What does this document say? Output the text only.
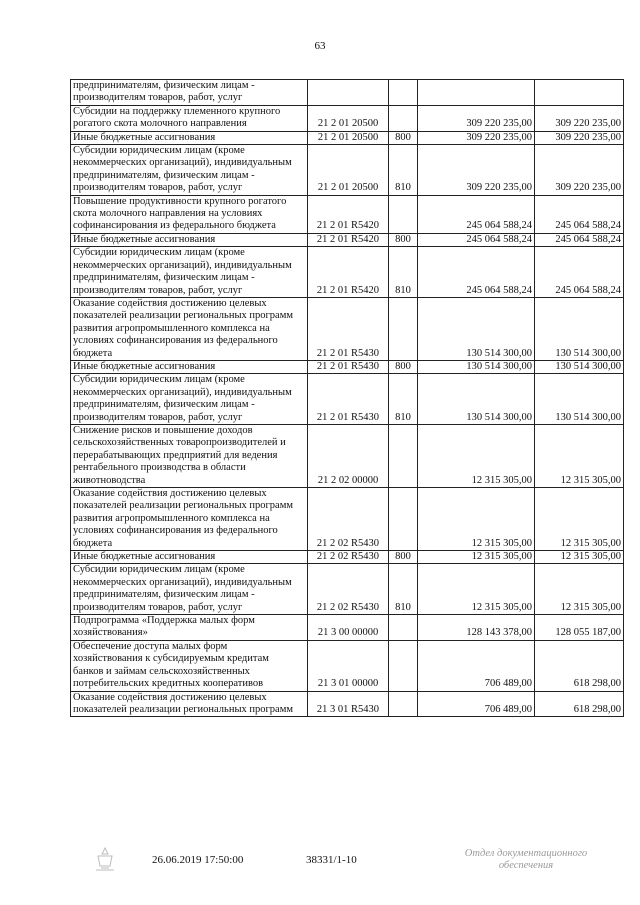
63
предпринимателям, физическим лицам -
производителям товаров, работ, услуг				

Субсидии на поддержку племенного крупного
рогатого скота молочного направления	21 2 01 20500		309 220 235,00	309 220 235,00

Иные бюджетные ассигнования	21 2 01 20500	800	309 220 235,00	309 220 235,00

Субсидии юридическим лицам (кроме
некоммерческих организаций), индивидуальным
предпринимателям, физическим лицам -
производителям товаров, работ, услуг	21 2 01 20500	810	309 220 235,00	309 220 235,00

Повышение продуктивности крупного рогатого
скота молочного направления на условиях
софинансирования из федерального бюджета	21 2 01 R5420		245 064 588,24	245 064 588,24

Иные бюджетные ассигнования	21 2 01 R5420	800	245 064 588,24	245 064 588,24

Субсидии юридическим лицам (кроме
некоммерческих организаций), индивидуальным
предпринимателям, физическим лицам -
производителям товаров, работ, услуг	21 2 01 R5420	810	245 064 588,24	245 064 588,24

Оказание содействия достижению целевых
показателей реализации региональных программ
развития агропромышленного комплекса на
условиях софинансирования из федерального
бюджета	21 2 01 R5430		130 514 300,00	130 514 300,00

Иные бюджетные ассигнования	21 2 01 R5430	800	130 514 300,00	130 514 300,00

Субсидии юридическим лицам (кроме
некоммерческих организаций), индивидуальным
предпринимателям, физическим лицам -
производителям товаров, работ, услуг	21 2 01 R5430	810	130 514 300,00	130 514 300,00

Снижение рисков и повышение доходов
сельскохозяйственных товаропроизводителей и
перерабатывающих предприятий для ведения
рентабельного производства в области
животноводства	21 2 02 00000		12 315 305,00	12 315 305,00

Оказание содействия достижению целевых
показателей реализации региональных программ
развития агропромышленного комплекса на
условиях софинансирования из федерального
бюджета	21 2 02 R5430		12 315 305,00	12 315 305,00

Иные бюджетные ассигнования	21 2 02 R5430	800	12 315 305,00	12 315 305,00

Субсидии юридическим лицам (кроме
некоммерческих организаций), индивидуальным
предпринимателям, физическим лицам -
производителям товаров, работ, услуг	21 2 02 R5430	810	12 315 305,00	12 315 305,00

Подпрограмма «Поддержка малых форм
хозяйствования»	21 3 00 00000		128 143 378,00	128 055 187,00

Обеспечение доступа малых форм
хозяйствования к субсидируемым кредитам
банков и займам сельскохозяйственных
потребительских кредитных кооперативов	21 3 01 00000		706 489,00	618 298,00

Оказание содействия достижению целевых
показателей реализации региональных программ	21 3 01 R5430		706 489,00	618 298,00
26.06.2019 17:50:00	38331/1-10
Отдел документационного
обеспечения
